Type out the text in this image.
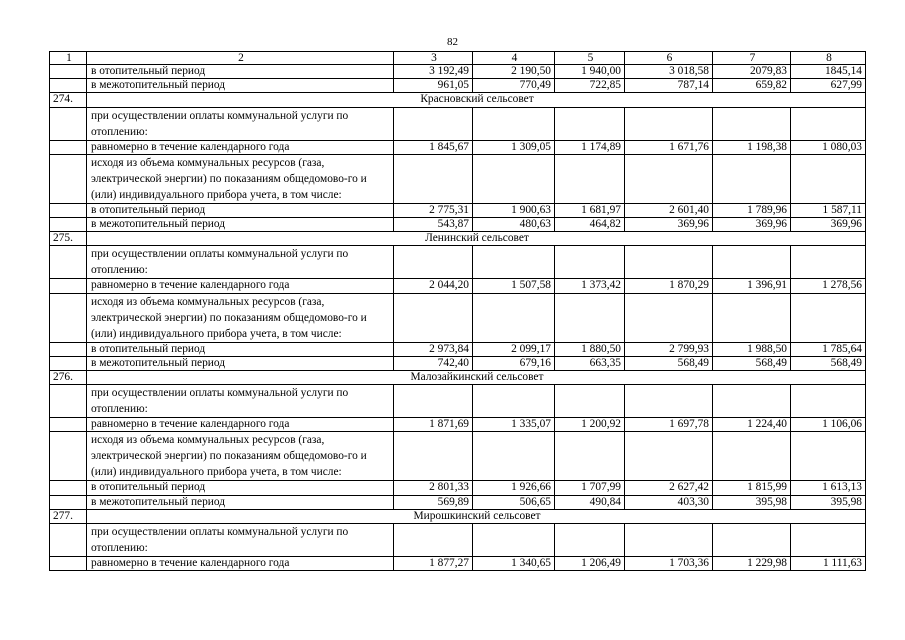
82
1	2	3	4	5	6	7	8
	в отопительный период	3 192,49	2 190,50	1 940,00	3 018,58	2079,83	1845,14
	в межотопительный период	961,05	770,49	722,85	787,14	659,82	627,99
274.	Красновский сельсовет						
	при осуществлении оплаты коммунальной услуги по отоплению:						
	равномерно в течение календарного года	1 845,67	1 309,05	1 174,89	1 671,76	1 198,38	1 080,03
	исходя из объема коммунальных ресурсов (газа, электрической энергии) по показаниям общедомово-го и (или) индивидуального прибора учета, в том числе:						
	в отопительный период	2 775,31	1 900,63	1 681,97	2 601,40	1 789,96	1 587,11
	в межотопительный период	543,87	480,63	464,82	369,96	369,96	369,96
275.	Ленинский сельсовет						
	при осуществлении оплаты коммунальной услуги по отоплению:						
	равномерно в течение календарного года	2 044,20	1 507,58	1 373,42	1 870,29	1 396,91	1 278,56
	исходя из объема коммунальных ресурсов (газа, электрической энергии) по показаниям общедомово-го и (или) индивидуального прибора учета, в том числе:						
	в отопительный период	2 973,84	2 099,17	1 880,50	2 799,93	1 988,50	1 785,64
	в межотопительный период	742,40	679,16	663,35	568,49	568,49	568,49
276.	Малозайкинский сельсовет						
	при осуществлении оплаты коммунальной услуги по отоплению:						
	равномерно в течение календарного года	1 871,69	1 335,07	1 200,92	1 697,78	1 224,40	1 106,06
	исходя из объема коммунальных ресурсов (газа, электрической энергии) по показаниям общедомово-го и (или) индивидуального прибора учета, в том числе:						
	в отопительный период	2 801,33	1 926,66	1 707,99	2 627,42	1 815,99	1 613,13
	в межотопительный период	569,89	506,65	490,84	403,30	395,98	395,98
277.	Мирошкинский сельсовет						
	при осуществлении оплаты коммунальной услуги по отоплению:						
	равномерно в течение календарного года	1 877,27	1 340,65	1 206,49	1 703,36	1 229,98	1 111,63
